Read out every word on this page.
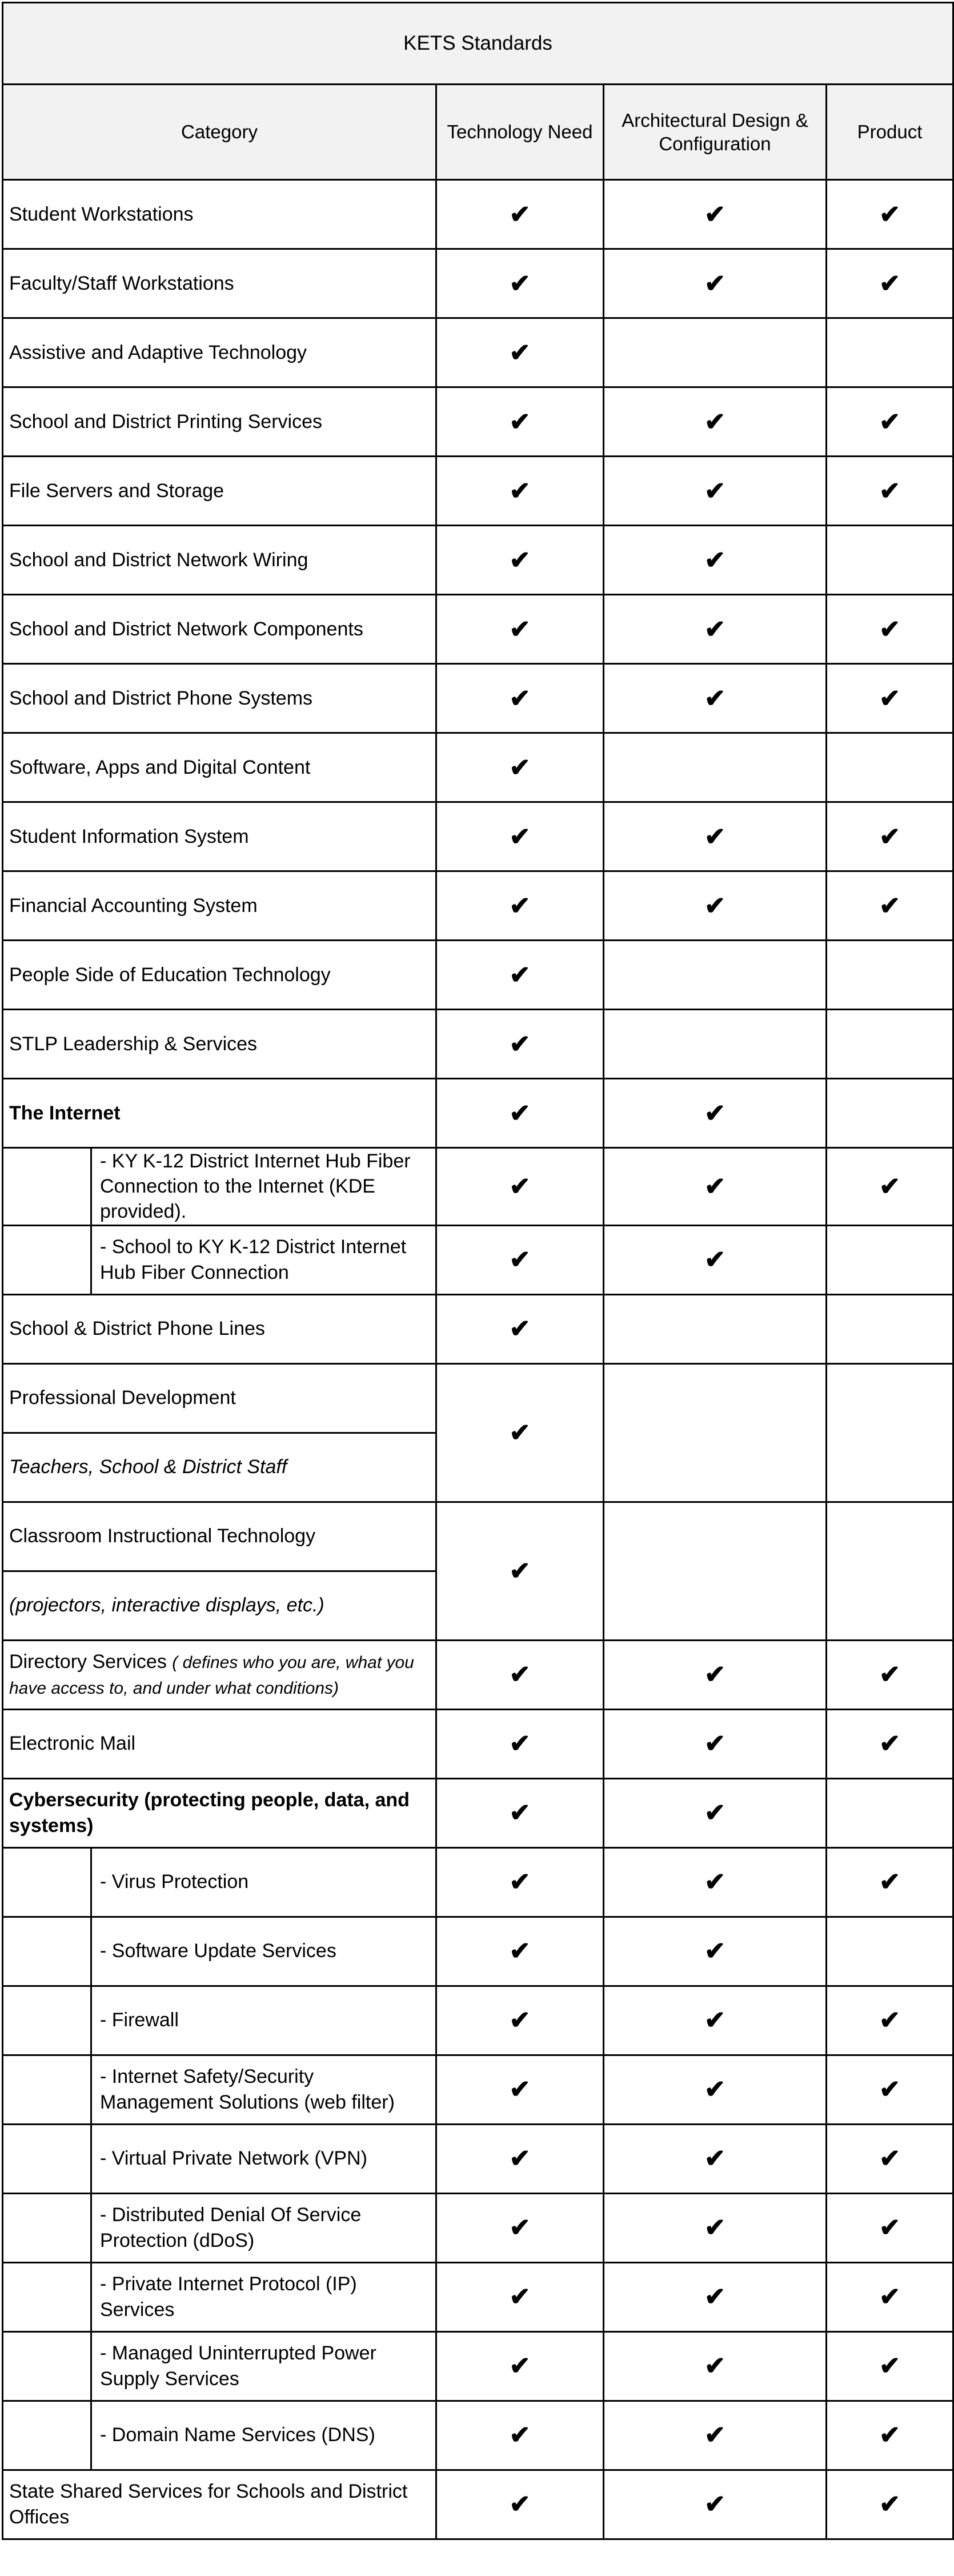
KETS Standards				
Category		Technology Need	Architectural Design & Configuration	Product
Student Workstations		✔	✔	✔
Faculty/Staff Workstations		✔	✔	✔
Assistive and Adaptive Technology		✔		
School and District Printing Services		✔	✔	✔
File Servers and Storage		✔	✔	✔
School and District Network Wiring		✔	✔	
School and District Network Components		✔	✔	✔
School and District Phone Systems		✔	✔	✔
Software, Apps and Digital Content		✔		
Student Information System		✔	✔	✔
Financial Accounting System		✔	✔	✔
People Side of Education Technology		✔		
STLP Leadership & Services		✔		
The Internet		✔	✔	
	- KY K-12 District Internet Hub Fiber Connection to the Internet (KDE provided).	✔	✔	✔
	- School to KY K-12 District Internet Hub Fiber Connection	✔	✔	
School & District Phone Lines		✔		
Professional Development		✔		
Teachers, School & District Staff				
Classroom Instructional Technology		✔		
(projectors, interactive displays, etc.)				
Directory Services ( defines who you are, what you have access to, and under what conditions)		✔	✔	✔
Electronic Mail		✔	✔	✔
Cybersecurity (protecting people, data, and systems)		✔	✔	
	- Virus Protection	✔	✔	✔
	- Software Update Services	✔	✔	
	- Firewall	✔	✔	✔
	- Internet Safety/Security Management Solutions (web filter)	✔	✔	✔
	- Virtual Private Network (VPN)	✔	✔	✔
	- Distributed Denial Of Service Protection (dDoS)	✔	✔	✔
	- Private Internet Protocol (IP) Services	✔	✔	✔
	- Managed Uninterrupted Power Supply Services	✔	✔	✔
	- Domain Name Services (DNS)	✔	✔	✔
State Shared Services for Schools and District Offices		✔	✔	✔
